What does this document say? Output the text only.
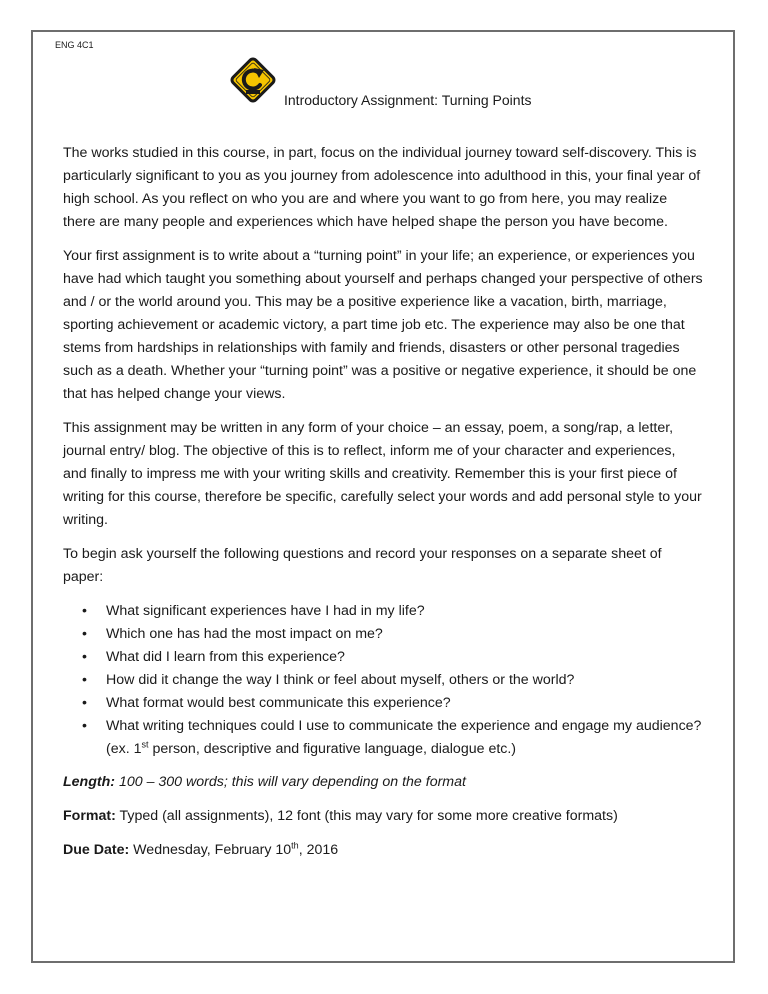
ENG 4C1
Introductory Assignment: Turning Points

The works studied in this course, in part, focus on the individual journey toward self-discovery. This is particularly significant to you as you journey from adolescence into adulthood in this, your final year of high school. As you reflect on who you are and where you want to go from here, you may realize there are many people and experiences which have helped shape the person you have become.

Your first assignment is to write about a “turning point” in your life; an experience, or experiences you have had which taught you something about yourself and perhaps changed your perspective of others and / or the world around you. This may be a positive experience like a vacation, birth, marriage, sporting achievement or academic victory, a part time job etc. The experience may also be one that stems from hardships in relationships with family and friends, disasters or other personal tragedies such as a death. Whether your “turning point” was a positive or negative experience, it should be one that has helped change your views.

This assignment may be written in any form of your choice – an essay, poem, a song/rap, a letter, journal entry/ blog. The objective of this is to reflect, inform me of your character and experiences, and finally to impress me with your writing skills and creativity. Remember this is your first piece of writing for this course, therefore be specific, carefully select your words and add personal style to your writing.

To begin ask yourself the following questions and record your responses on a separate sheet of paper:

• What significant experiences have I had in my life?
• Which one has had the most impact on me?
• What did I learn from this experience?
• How did it change the way I think or feel about myself, others or the world?
• What format would best communicate this experience?
• What writing techniques could I use to communicate the experience and engage my audience? (ex. 1st person, descriptive and figurative language, dialogue etc.)

Length: 100 – 300 words; this will vary depending on the format

Format: Typed (all assignments), 12 font (this may vary for some more creative formats)

Due Date: Wednesday, February 10th, 2016
